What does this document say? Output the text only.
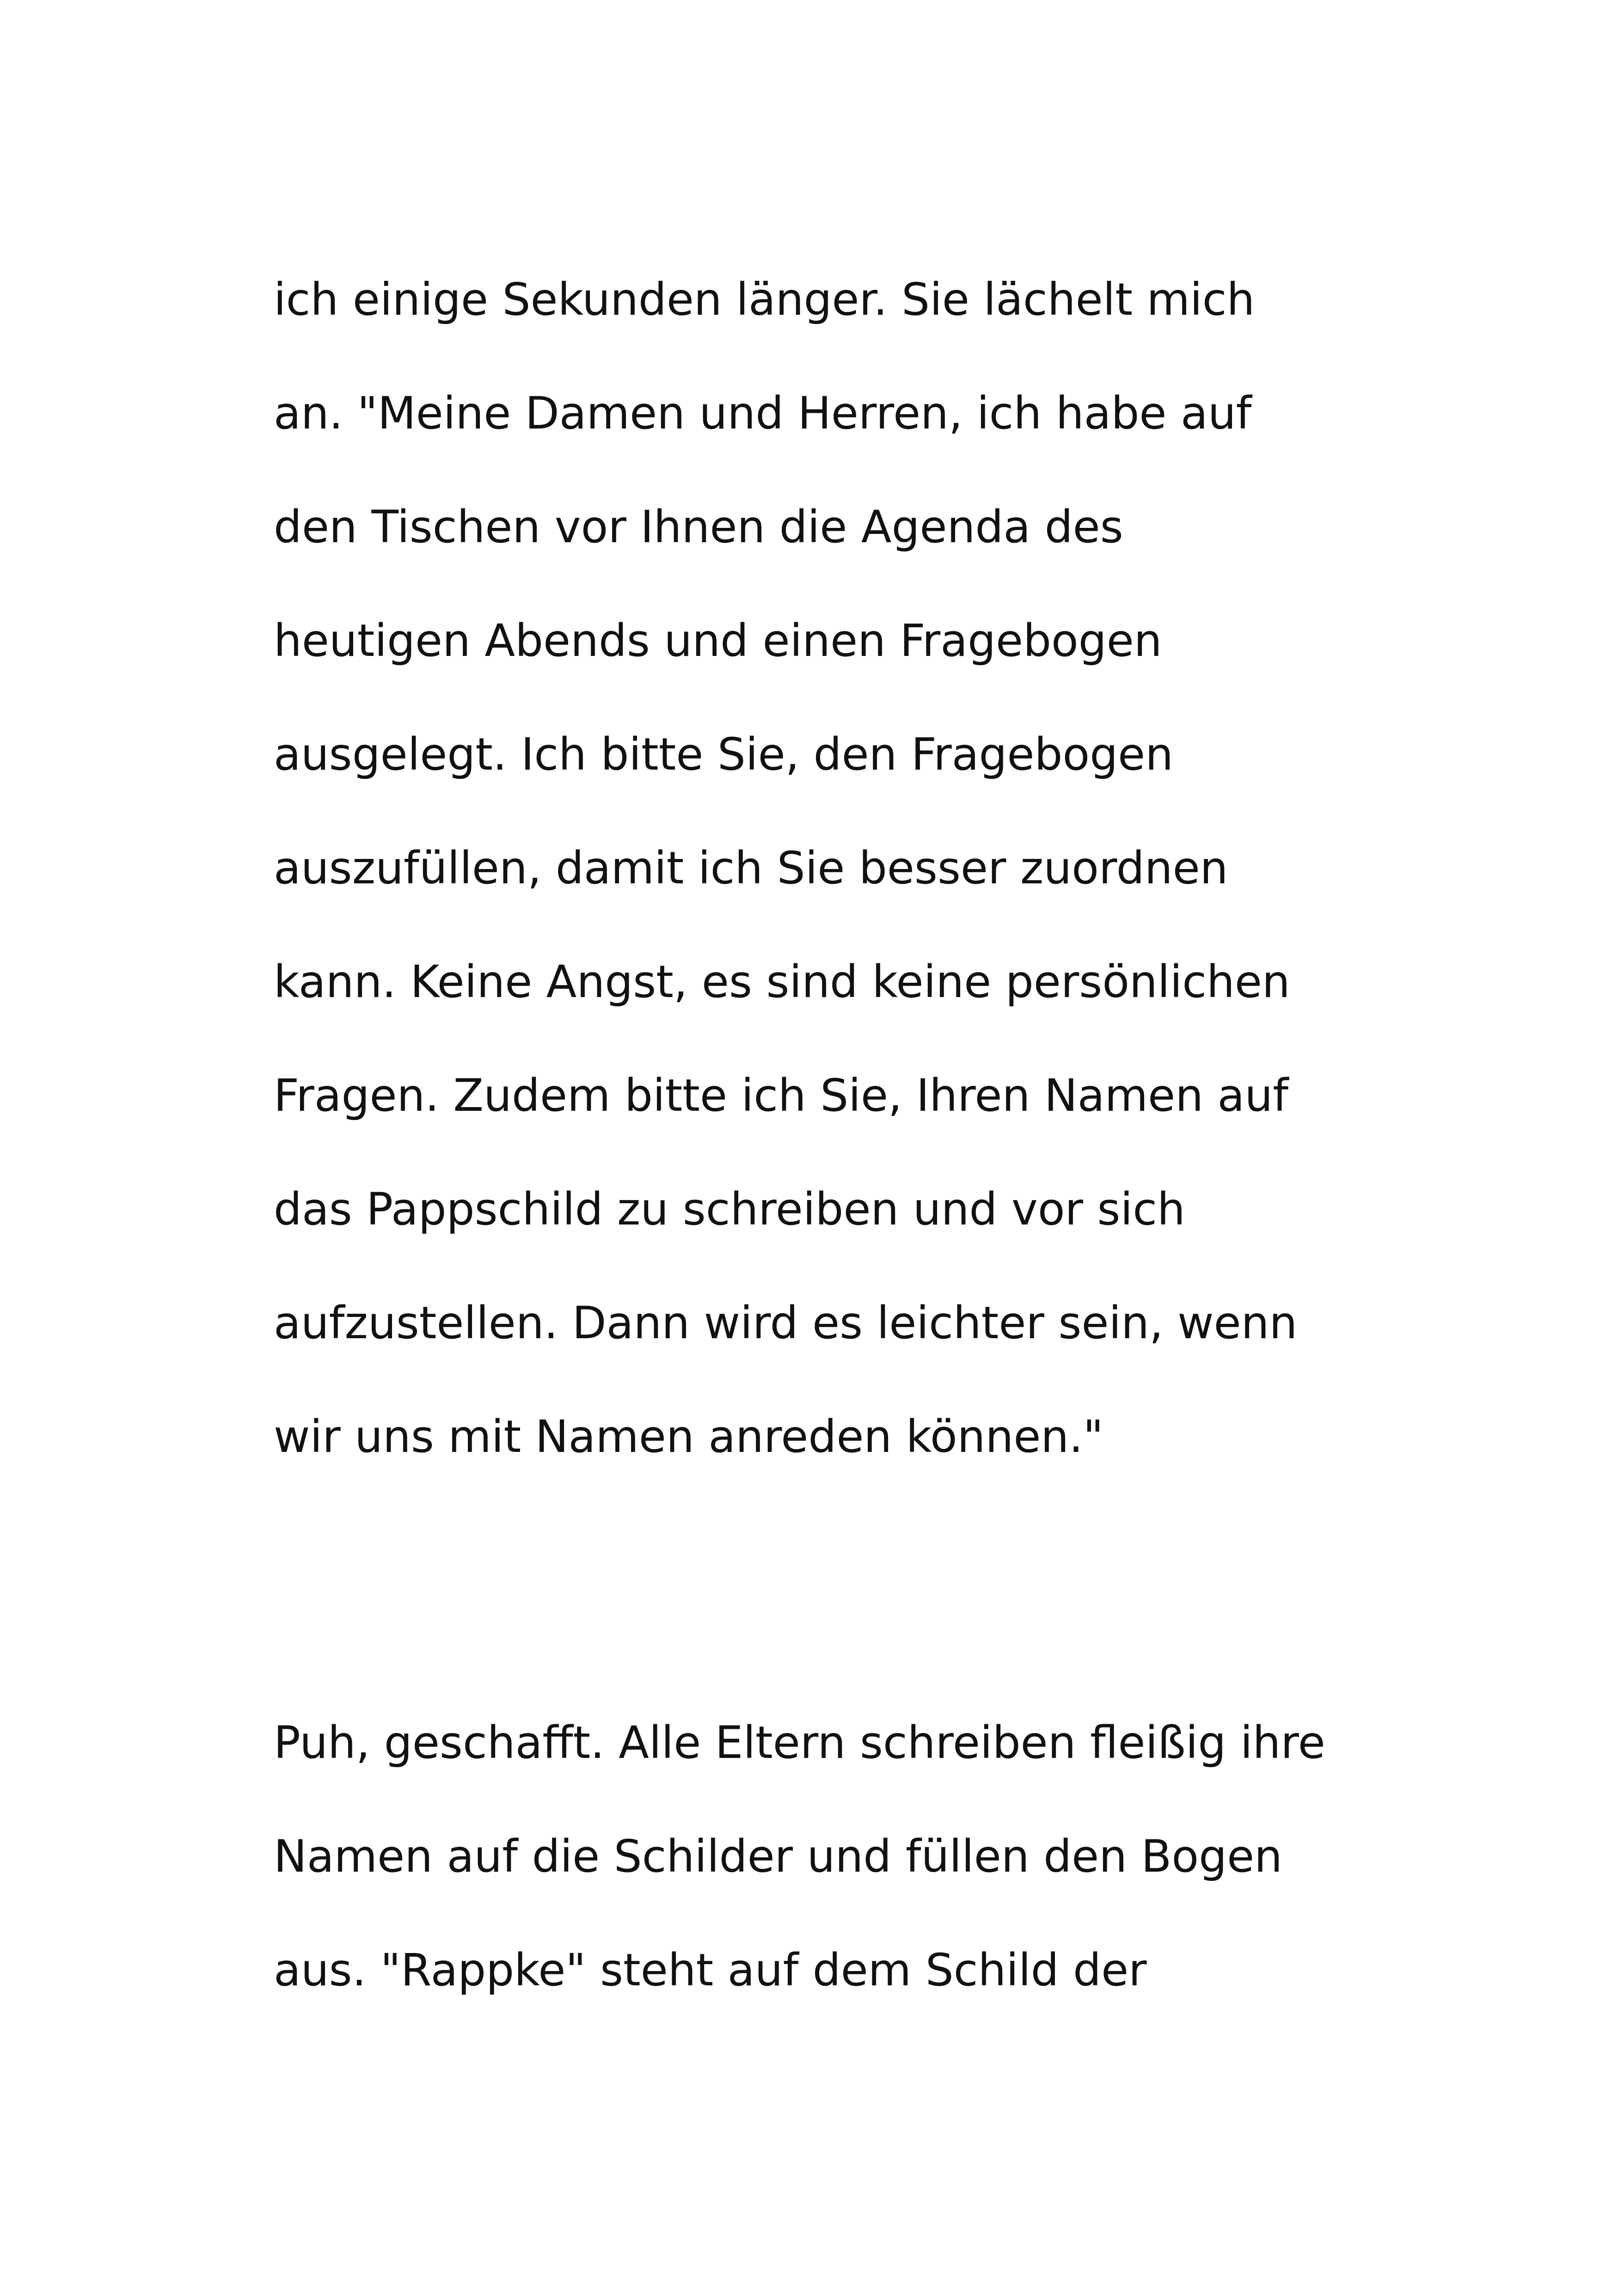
ich einige Sekunden länger. Sie lächelt mich

an. "Meine Damen und Herren, ich habe auf

den Tischen vor Ihnen die Agenda des

heutigen Abends und einen Fragebogen

ausgelegt. Ich bitte Sie, den Fragebogen

auszufüllen, damit ich Sie besser zuordnen

kann. Keine Angst, es sind keine persönlichen

Fragen. Zudem bitte ich Sie, Ihren Namen auf

das Pappschild zu schreiben und vor sich

aufzustellen. Dann wird es leichter sein, wenn

wir uns mit Namen anreden können."

Puh, geschafft. Alle Eltern schreiben fleißig ihre

Namen auf die Schilder und füllen den Bogen

aus. "Rappke" steht auf dem Schild der
